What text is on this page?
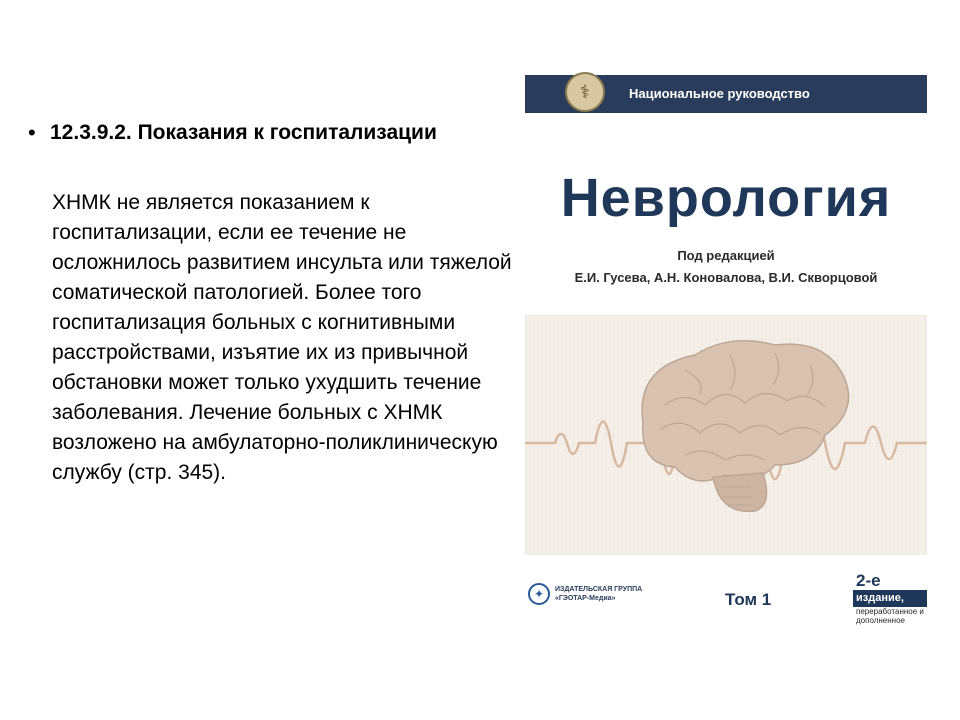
• 12.3.9.2. Показания к госпитализации
ХНМК не является показанием к госпитализации, если ее течение не осложнилось развитием инсульта или тяжелой соматической патологией. Более того госпитализация больных с когнитивными расстройствами, изъятие их из привычной обстановки может только ухудшить течение заболевания. Лечение больных с ХНМК возложено на амбулаторно-поликлиническую службу (стр. 345).
⚕	Национальное руководство
Неврология
Под редакцией
Е.И. Гусева, А.Н. Коновалова, В.И. Скворцовой
✦	ИЗДАТЕЛЬСКАЯ ГРУППА
«ГЭОТАР-Медиа»	Том 1
2-е
издание,
переработанное и дополненное
